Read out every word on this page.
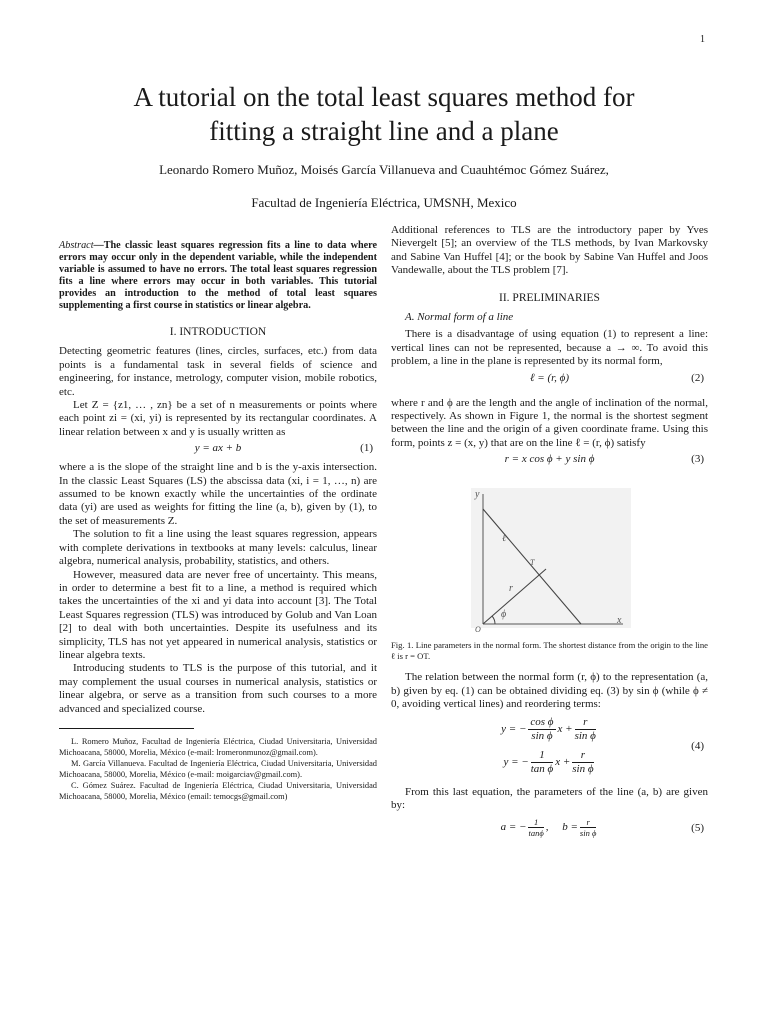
1
A tutorial on the total least squares method for
fitting a straight line and a plane
Leonardo Romero Muñoz, Moisés García Villanueva and Cuauhtémoc Gómez Suárez,
Facultad de Ingeniería Eléctrica, UMSNH, Mexico

Abstract—The classic least squares regression fits a line to data where errors may occur only in the dependent variable, while the independent variable is assumed to have no errors. The total least squares regression fits a line where errors may occur in both variables. This tutorial provides an introduction to the method of total least squares supplementing a first course in statistics or linear algebra.

I. INTRODUCTION

Detecting geometric features (lines, circles, surfaces, etc.) from data points is a fundamental task in several fields of science and engineering, for instance, metrology, computer vision, mobile robotics, etc.

Let Z = {z1, … , zn} be a set of n measurements or points where each point zi = (xi, yi) is represented by its rectangular coordinates. A linear relation between x and y is usually written as

y = ax + b	(1)

where a is the slope of the straight line and b is the y-axis intersection. In the classic Least Squares (LS) the abscissa data (xi, i = 1, …, n) are assumed to be known exactly while the uncertainties of the ordinate data (yi) are used as weights for fitting the line (a, b), given by (1), to the set of measurements Z.

The solution to fit a line using the least squares regression, appears with complete derivations in textbooks at many levels: calculus, linear algebra, numerical analysis, probability, statistics, and others.

However, measured data are never free of uncertainty. This means, in order to determine a best fit to a line, a method is required which takes the uncertainties of the xi and yi data into account [3]. The Total Least Squares regression (TLS) was introduced by Golub and Van Loan [2] to deal with both uncertainties. Despite its usefulness and its simplicity, TLS has not yet appeared in numerical analysis, statistics or linear algebra texts.

Introducing students to TLS is the purpose of this tutorial, and it may complement the usual courses in numerical analysis, statistics or linear algebra, or serve as a transition from such courses to a more advanced and specialized course.

L. Romero Muñoz, Facultad de Ingeniería Eléctrica, Ciudad Universitaria, Universidad Michoacana, 58000, Morelia, México (e-mail: lromeronmunoz@gmail.com).

M. García Villanueva. Facultad de Ingeniería Eléctrica, Ciudad Universitaria, Universidad Michoacana, 58000, Morelia, México (e-mail: moigarciav@gmail.com).

C. Gómez Suárez. Facultad de Ingeniería Eléctrica, Ciudad Universitaria, Universidad Michoacana, 58000, Morelia, México (email: temocgs@gmail.com)

Additional references to TLS are the introductory paper by Yves Nievergelt [5]; an overview of the TLS methods, by Ivan Markovsky and Sabine Van Huffel [4]; or the book by Sabine Van Huffel and Joos Vandewalle, about the TLS problem [7].

II. PRELIMINARIES
A. Normal form of a line

There is a disadvantage of using equation (1) to represent a line: vertical lines can not be represented, because a → ∞. To avoid this problem, a line in the plane is represented by its normal form,

ℓ = (r, ϕ)	(2)

where r and ϕ are the length and the angle of inclination of the normal, respectively. As shown in Figure 1, the normal is the shortest segment between the line and the origin of a given coordinate frame. Using this form, points z = (x, y) that are on the line ℓ = (r, ϕ) satisfy

r = x cos ϕ + y sin ϕ	(3)
y
x
O
ℓ
T
r
ϕ

Fig. 1. Line parameters in the normal form. The shortest distance from the origin to the line ℓ is r = OT.

The relation between the normal form (r, ϕ) to the representation (a, b) given by eq. (1) can be obtained dividing eq. (3) by sin ϕ (while ϕ ≠ 0, avoiding vertical lines) and reordering terms:

y = − $\frac{\text{cos ϕ}}{\text{sin ϕ}}$ $x + \frac{r}{\text{sin ϕ}}$
y = − $\frac{1}{\text{tan ϕ}}$ $x + \frac{r}{\text{sin ϕ}}$
(4)

From this last equation, the parameters of the line (a, b) are given by:

a = − $\frac{1}{\tan\phi}$ ,     $b = \frac{r}{\text{sin ϕ}}$	(5)
